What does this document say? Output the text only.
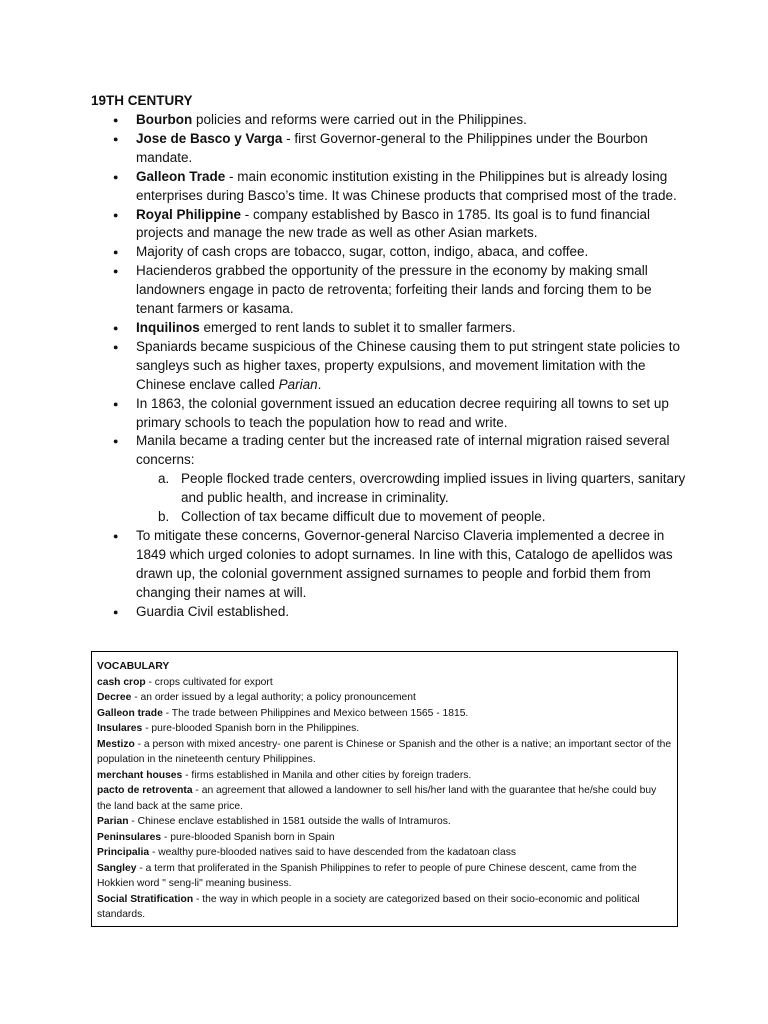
19TH CENTURY
● Bourbon policies and reforms were carried out in the Philippines.
● Jose de Basco y Varga - first Governor-general to the Philippines under the Bourbon mandate.
● Galleon Trade - main economic institution existing in the Philippines but is already losing enterprises during Basco’s time. It was Chinese products that comprised most of the trade.
● Royal Philippine - company established by Basco in 1785. Its goal is to fund financial projects and manage the new trade as well as other Asian markets.
● Majority of cash crops are tobacco, sugar, cotton, indigo, abaca, and coffee.
● Hacienderos grabbed the opportunity of the pressure in the economy by making small landowners engage in pacto de retroventa; forfeiting their lands and forcing them to be tenant farmers or kasama.
● Inquilinos emerged to rent lands to sublet it to smaller farmers.
● Spaniards became suspicious of the Chinese causing them to put stringent state policies to sangleys such as higher taxes, property expulsions, and movement limitation with the Chinese enclave called Parian.
● In 1863, the colonial government issued an education decree requiring all towns to set up primary schools to teach the population how to read and write.
● Manila became a trading center but the increased rate of internal migration raised several concerns:
a. People flocked trade centers, overcrowding implied issues in living quarters, sanitary and public health, and increase in criminality.
b. Collection of tax became difficult due to movement of people.
● To mitigate these concerns, Governor-general Narciso Claveria implemented a decree in 1849 which urged colonies to adopt surnames. In line with this, Catalogo de apellidos was drawn up, the colonial government assigned surnames to people and forbid them from changing their names at will.
● Guardia Civil established.

VOCABULARY

cash crop - crops cultivated for export

Decree - an order issued by a legal authority; a policy pronouncement

Galleon trade - The trade between Philippines and Mexico between 1565 - 1815.

Insulares - pure-blooded Spanish born in the Philippines.

Mestizo - a person with mixed ancestry- one parent is Chinese or Spanish and the other is a native; an important sector of the population in the nineteenth century Philippines.

merchant houses - firms established in Manila and other cities by foreign traders.

pacto de retroventa - an agreement that allowed a landowner to sell his/her land with the guarantee that he/she could buy the land back at the same price.

Parian - Chinese enclave established in 1581 outside the walls of Intramuros.

Peninsulares - pure-blooded Spanish born in Spain

Principalia - wealthy pure-blooded natives said to have descended from the kadatoan class

Sangley - a term that proliferated in the Spanish Philippines to refer to people of pure Chinese descent, came from the Hokkien word " seng-li" meaning business.

Social Stratification - the way in which people in a society are categorized based on their socio-economic and political standards.
